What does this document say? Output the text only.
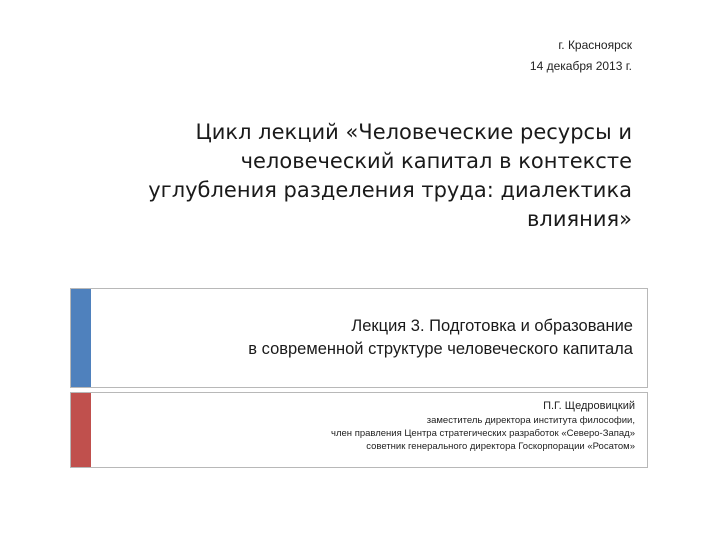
г. Красноярск
14 декабря 2013 г.
Цикл лекций «Человеческие ресурсы и
человеческий капитал в контексте
углубления разделения труда: диалектика
влияния»
Лекция 3. Подготовка и образование
в современной структуре человеческого капитала
П.Г. Щедровицкий
заместитель директора института философии,
член правления Центра стратегических разработок «Северо-Запад»
советник генерального директора Госкорпорации «Росатом»
